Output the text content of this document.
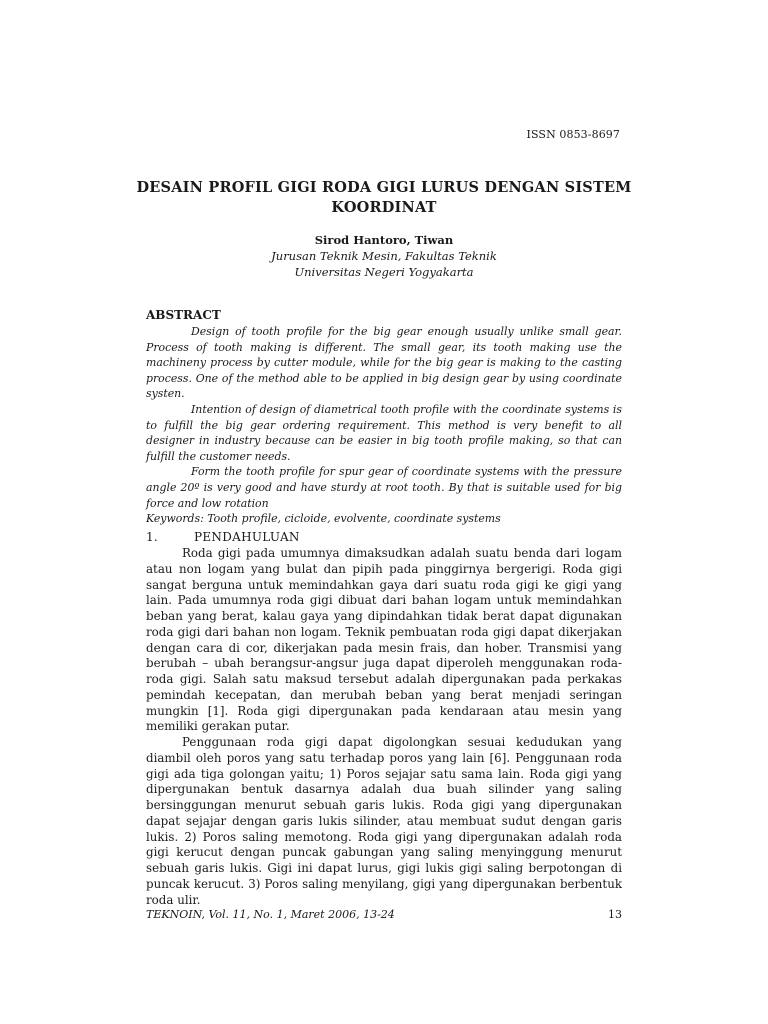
ISSN 0853-8697
DESAIN PROFIL GIGI RODA GIGI LURUS DENGAN SISTEM KOORDINAT
Sirod Hantoro, Tiwan
Jurusan Teknik Mesin, Fakultas Teknik
Universitas Negeri Yogyakarta
ABSTRACT

Design of tooth profile for the big gear enough usually unlike small gear. Process of tooth making is different. The small gear, its tooth making use the machineny process by cutter module, while for the big gear is making to the casting process. One of the method able to be applied in big design gear by using coordinate systen.

Intention of design of diametrical tooth profile with the coordinate systems is to fulfill the big gear ordering requirement. This method is very benefit to all designer in industry because can be easier in big tooth profile making, so that can fulfill the customer needs.

Form the tooth profile for spur gear of coordinate systems with the pressure angle 20º is very good and have sturdy at root tooth. By that is suitable used for big force and low rotation

Keywords: Tooth profile, cicloide, evolvente, coordinate systems

1.	PENDAHULUAN

Roda gigi pada umumnya dimaksudkan adalah suatu benda dari logam atau non logam yang bulat dan pipih pada pinggirnya bergerigi. Roda gigi sangat berguna untuk memindahkan gaya dari suatu roda gigi ke gigi yang lain. Pada umumnya roda gigi dibuat dari bahan logam untuk memindahkan beban yang berat, kalau gaya yang dipindahkan tidak berat dapat digunakan roda gigi dari bahan non logam. Teknik pembuatan roda gigi dapat dikerjakan dengan cara di cor, dikerjakan pada mesin frais, dan hober. Transmisi yang berubah – ubah berangsur-angsur juga dapat diperoleh menggunakan roda-roda gigi. Salah satu maksud tersebut adalah dipergunakan pada perkakas pemindah kecepatan, dan merubah beban yang berat menjadi seringan mungkin [1]. Roda gigi dipergunakan pada kendaraan atau mesin yang memiliki gerakan putar.

Penggunaan roda gigi dapat digolongkan sesuai kedudukan yang diambil oleh poros yang satu terhadap poros yang lain [6]. Penggunaan roda gigi ada tiga golongan yaitu; 1) Poros sejajar satu sama lain. Roda gigi yang dipergunakan bentuk dasarnya adalah dua buah silinder yang saling bersinggungan menurut sebuah garis lukis. Roda gigi yang dipergunakan dapat sejajar dengan garis lukis silinder, atau membuat sudut dengan garis lukis. 2) Poros saling memotong. Roda gigi yang dipergunakan adalah roda gigi kerucut dengan puncak gabungan yang saling menyinggung menurut sebuah garis lukis. Gigi ini dapat lurus, gigi lukis gigi saling berpotongan di puncak kerucut. 3) Poros saling menyilang, gigi yang dipergunakan berbentuk roda ulir.

TEKNOIN, Vol. 11, No. 1, Maret 2006, 13-24	13
